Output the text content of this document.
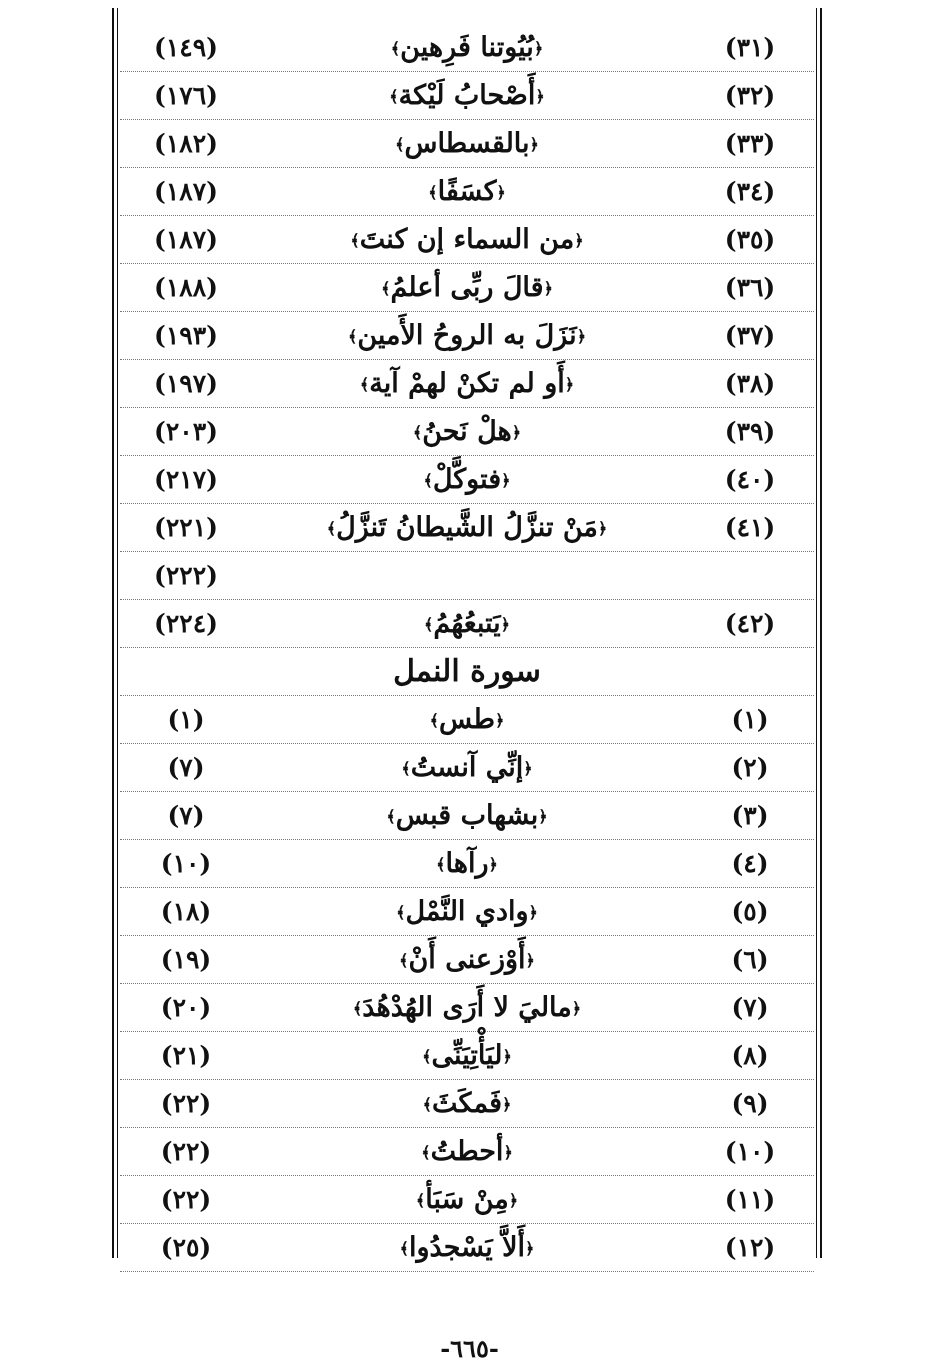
(٣١)
﴿بُيُوتنا فَرِهين﴾
(١٤٩)
(٣٢)
﴿أَصْحابُ لَيْكة﴾
(١٧٦)
(٣٣)
﴿بالقسطاس﴾
(١٨٢)
(٣٤)
﴿كسَفًا﴾
(١٨٧)
(٣٥)
﴿من السماء إن كنتَ﴾
(١٨٧)
(٣٦)
﴿قالَ ربِّى أعلمُ﴾
(١٨٨)
(٣٧)
﴿نَزَلَ به الروحُ الأَمين﴾
(١٩٣)
(٣٨)
﴿أَو لم تكنْ لهمْ آية﴾
(١٩٧)
(٣٩)
﴿هلْ نَحنُ﴾
(٢٠٣)
(٤٠)
﴿فتوكَّلْ﴾
(٢١٧)
(٤١)
﴿مَنْ تنزَّلُ الشَّيطانُ تَنزَّلُ﴾
(٢٢١)
(٢٢٢)
(٤٢)
﴿يَتبعُهُمُ﴾
(٢٢٤)
سورة النمل
(١)
﴿طس﴾
(١)
(٢)
﴿إنِّي آنستُ﴾
(٧)
(٣)
﴿بشهاب قبس﴾
(٧)
(٤)
﴿رآها﴾
(١٠)
(٥)
﴿وادي النَّمْل﴾
(١٨)
(٦)
﴿أَوْزعنى أَنْ﴾
(١٩)
(٧)
﴿ماليَ لا أَرَى الهُدْهُدَ﴾
(٢٠)
(٨)
﴿ليَأْتِيَنِّى﴾
(٢١)
(٩)
﴿فَمكَثَ﴾
(٢٢)
(١٠)
﴿أحطتُ﴾
(٢٢)
(١١)
﴿مِنْ سَبَأ﴾
(٢٢)
(١٢)
﴿أَلاَّ يَسْجدُوا﴾
(٢٥)
-٦٦٥-
